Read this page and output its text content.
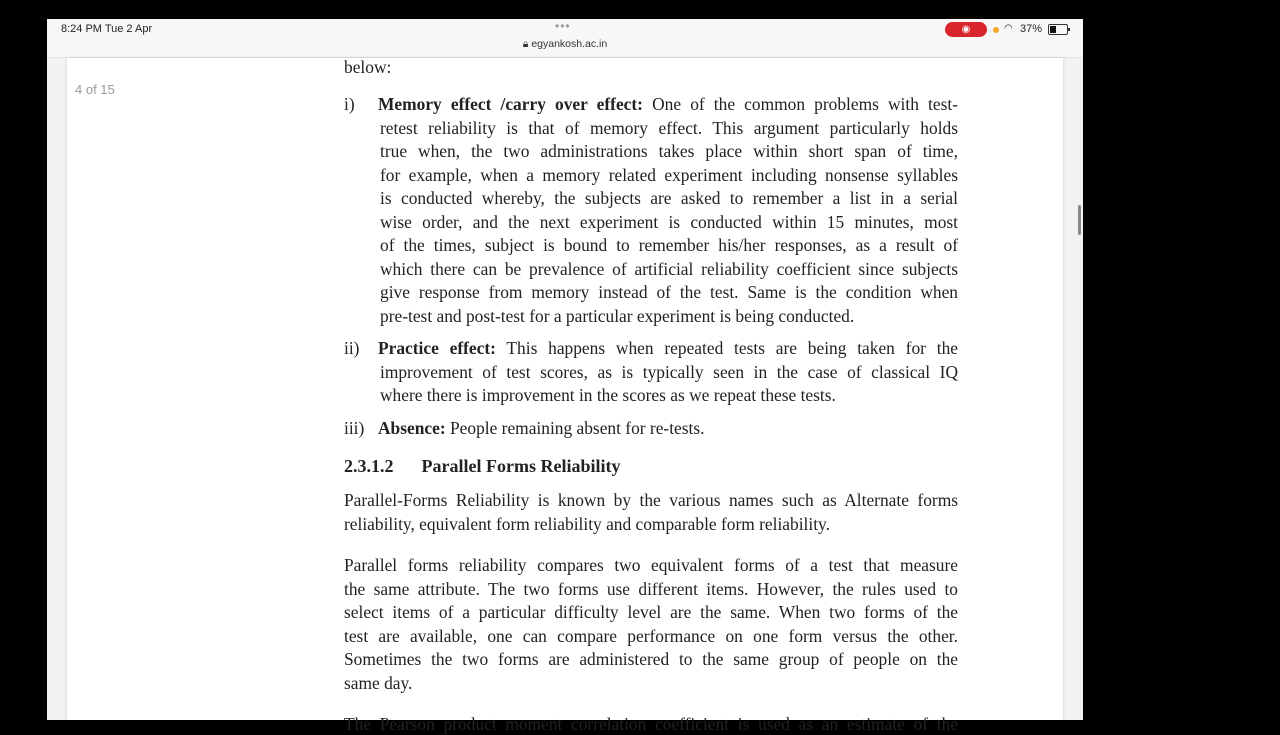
8:24 PM Tue 2 Apr	•••
🔒︎ egyankosh.ac.in
◉	◠ 37%
4 of 15
below:
i) Memory effect /carry over effect: One of the common problems with test-
retest reliability is that of memory effect. This argument particularly holds
true when, the two administrations takes place within short span of time,
for example, when a memory related experiment including nonsense syllables
is conducted whereby, the subjects are asked to remember a list in a serial
wise order, and the next experiment is conducted within 15 minutes, most
of the times, subject is bound to remember his/her responses, as a result of
which there can be prevalence of artificial reliability coefficient since subjects
give response from memory instead of the test. Same is the condition when
pre-test and post-test for a particular experiment is being conducted.
ii) Practice effect: This happens when repeated tests are being taken for the
improvement of test scores, as is typically seen in the case of classical IQ
where there is improvement in the scores as we repeat these tests.
iii) Absence: People remaining absent for re-tests.
2.3.1.2 Parallel Forms Reliability
Parallel-Forms Reliability is known by the various names such as Alternate forms
reliability, equivalent form reliability and comparable form reliability.
Parallel forms reliability compares two equivalent forms of a test that measure
the same attribute. The two forms use different items. However, the rules used to
select items of a particular difficulty level are the same. When two forms of the
test are available, one can compare performance on one form versus the other.
Sometimes the two forms are administered to the same group of people on the
same day.
The Pearson product moment correlation coefficient is used as an estimate of the
